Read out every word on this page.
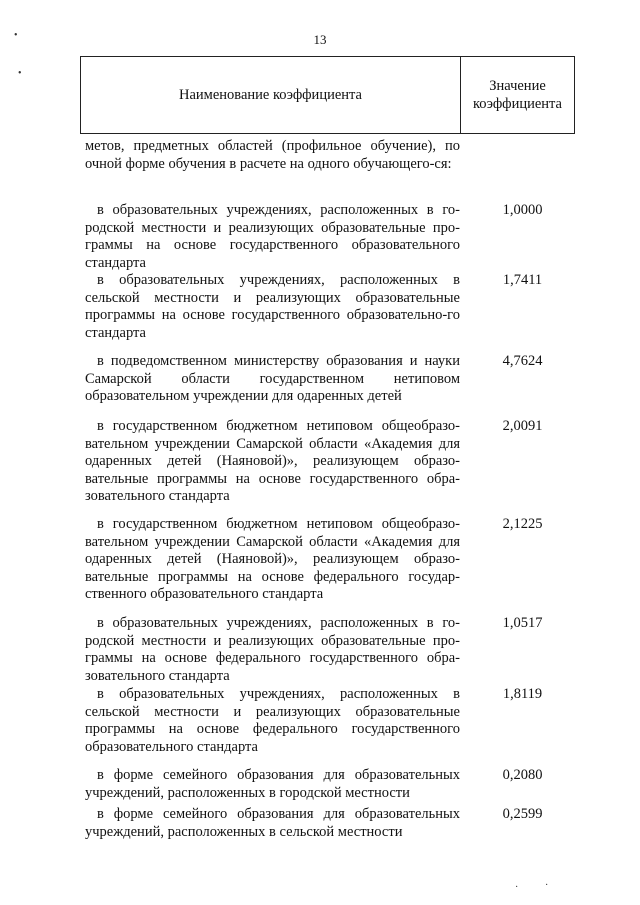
•
•
·	·
13
Наименование коэффициента
Значение
коэффициента
метов, предметных областей (профильное обучение), по очной форме обучения в расчете на одного обучающего-ся:
в образовательных учреждениях, расположенных в го-родской местности и реализующих образовательные про-граммы на основе государственного образовательного стандарта
1,0000
в образовательных учреждениях, расположенных в сельской местности и реализующих образовательные программы на основе государственного образовательно-го стандарта
1,7411
в подведомственном министерству образования и науки Самарской области государственном нетиповом образовательном учреждении для одаренных детей
4,7624
в государственном бюджетном нетиповом общеобразо-вательном учреждении Самарской области «Академия для одаренных детей (Наяновой)», реализующем образо-вательные программы на основе государственного обра-зовательного стандарта
2,0091
в государственном бюджетном нетиповом общеобразо-вательном учреждении Самарской области «Академия для одаренных детей (Наяновой)», реализующем образо-вательные программы на основе федерального государ-ственного образовательного стандарта
2,1225
в образовательных учреждениях, расположенных в го-родской местности и реализующих образовательные про-граммы на основе федерального государственного обра-зовательного стандарта
1,0517
в образовательных учреждениях, расположенных в сельской местности и реализующих образовательные программы на основе федерального государственного образовательного стандарта
1,8119
в форме семейного образования для образовательных учреждений, расположенных в городской местности
0,2080
в форме семейного образования для образовательных учреждений, расположенных в сельской местности
0,2599
